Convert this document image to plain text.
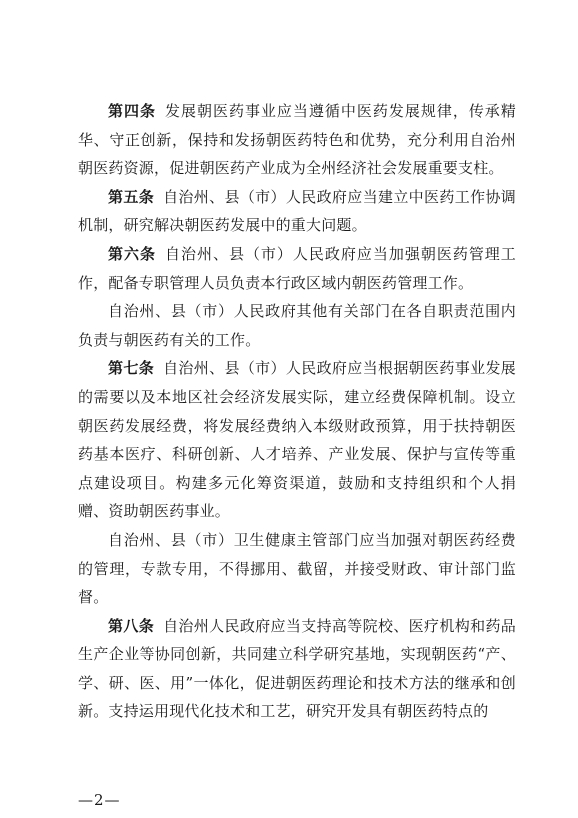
第四条 发展朝医药事业应当遵循中医药发展规律，传承精华、守正创新，保持和发扬朝医药特色和优势，充分利用自治州朝医药资源，促进朝医药产业成为全州经济社会发展重要支柱。

第五条 自治州、县（市）人民政府应当建立中医药工作协调机制，研究解决朝医药发展中的重大问题。

第六条 自治州、县（市）人民政府应当加强朝医药管理工作，配备专职管理人员负责本行政区域内朝医药管理工作。

自治州、县（市）人民政府其他有关部门在各自职责范围内负责与朝医药有关的工作。

第七条 自治州、县（市）人民政府应当根据朝医药事业发展的需要以及本地区社会经济发展实际，建立经费保障机制。设立朝医药发展经费，将发展经费纳入本级财政预算，用于扶持朝医药基本医疗、科研创新、人才培养、产业发展、保护与宣传等重点建设项目。构建多元化筹资渠道，鼓励和支持组织和个人捐赠、资助朝医药事业。

自治州、县（市）卫生健康主管部门应当加强对朝医药经费的管理，专款专用，不得挪用、截留，并接受财政、审计部门监督。

第八条 自治州人民政府应当支持高等院校、医疗机构和药品生产企业等协同创新，共同建立科学研究基地，实现朝医药“产、学、研、医、用”一体化，促进朝医药理论和技术方法的继承和创新。支持运用现代化技术和工艺，研究开发具有朝医药特点的

—2—
